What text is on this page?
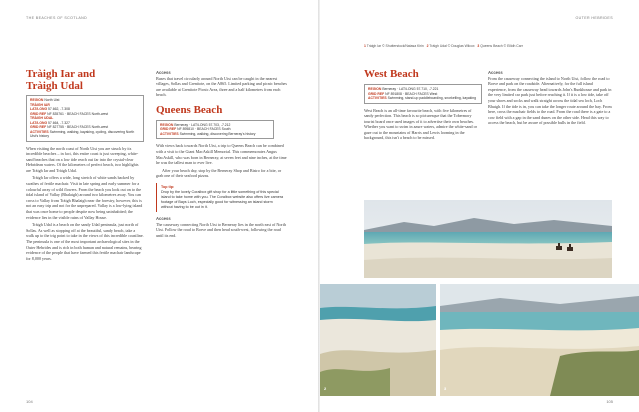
THE BEACHES OF SCOTLAND
Tràigh Iar and
Tràigh Udal
REGION North Uist
TRÀIGH IAR
LAT/LONG 57.662, -7.308
GRID REF NF 835761 · BEACH FACES North-west
TRÀIGH UDAL
LAT/LONG 57.664, -7.327
GRID REF NF 827755 · BEACH FACES North-west
ACTIVITIES Swimming, walking, kayaking, cycling, discovering North Uist's history

When visiting the north coast of North Uist you are struck by its incredible beaches – in fact, this entire coast is just sweeping, white-sand beaches that on a low tide reach out far into the crystal-clear Hebridean waters. Of the kilometres of perfect beach, two highlights are Tràigh Iar and Tràigh Udal.

Tràigh Iar offers a wide, long stretch of white sands backed by swathes of fertile machair. Visit in late spring and early summer for a colourful array of wild flowers. From the beach you look out on to the tidal island of Vallay (Bhalaigh) around two kilometres away. You can cross to Vallay from Tràigh Bhalaigh near the forestry, however, this is not an easy trip and not for the unprepared. Vallay is a low-lying island that was once home to people despite now being uninhabited; the evidence lies in the visible ruins of Vallay House.

Tràigh Udal is a beach on the sandy Udal peninsula, just north of Sollas. As well as stopping off at the beautiful, sandy beach, take a walk up to the trig point to take in the views of this incredible coastline. The peninsula is one of the most important archaeological sites in the Outer Hebrides and is rich in both human and natural remains, bearing evidence of the people that have farmed this fertile machair landscape for 8,000 years.

Access

Buses that travel circularly around North Uist can be caught in the nearest villages, Sollas and Grenitote, on the A865. Limited parking and picnic benches are available at Grenitote Picnic Area, three and a half kilometres from each beach.

Queens Beach
REGION Berneray · LAT/LONG 57.703, -7.212
GRID REF NF 895810 · BEACH FACES South
ACTIVITIES Swimming, walking, discovering Berneray's history

With views back towards North Uist, a trip to Queens Beach can be combined with a visit to the Giant MacAskill Memorial. This commemorates Angus MacAskill, who was born in Berneray, at seven feet and nine inches, at the time he was the tallest man to ever live.

After your beach day, stop by the Berneray Shop and Bistro for a bite, or grab one of their seafood pizzas.

Top tip:
Drop by the lovely Coralbox gift shop for a little something of this special island to take home with you. The Coralbox website also offers live camera footage of Bays Loch, especially good for witnessing an island storm without having to be out in it.
Access

The causeway connecting North Uist to Berneray lies in the north east of North Uist. Follow the road to Borve and then head south-west, following the road until its end.

104
OUTER HEBRIDES
1 Tràigh Iar © Shutterstock/Natasa Kirin 2 Tràigh Udal © Douglas Wilcox 3 Queens Beach © Eilidh Carr
West Beach
REGION Berneray · LAT/LONG 57.710, -7.221
GRID REF NF 891808 · BEACH FACES West
ACTIVITIES Swimming, stand-up paddleboarding, snorkelling, kayaking

West Beach is an all-time favourite beach, with five kilometres of sandy perfection. This beach is so picturesque that the Tobermory tourist board once used images of it to advertise their own beaches. Whether you want to swim in azure waters, admire the white-sand or gaze out to the mountains of Harris and Lewis looming in the background, this isn't a beach to be missed.

Access

From the causeway connecting the island to North Uist, follow the road to Borve and park on the roadside. Alternatively, for the full island experience, from the causeway head towards John's Bunkhouse and park in the very limited car park just before reaching it. If it is a low tide, take off your shoes and socks and walk straight across the tidal sea loch, Loch Bhuigh. If the tide is in, you can take the longer route around the bay. From here, cross the machair fields to the road. From the road there is a gate to a cow field with a gap in the sand dunes on the other side. Head this way to access the beach, but be aware of possible bulls in the field.

2	3
105
